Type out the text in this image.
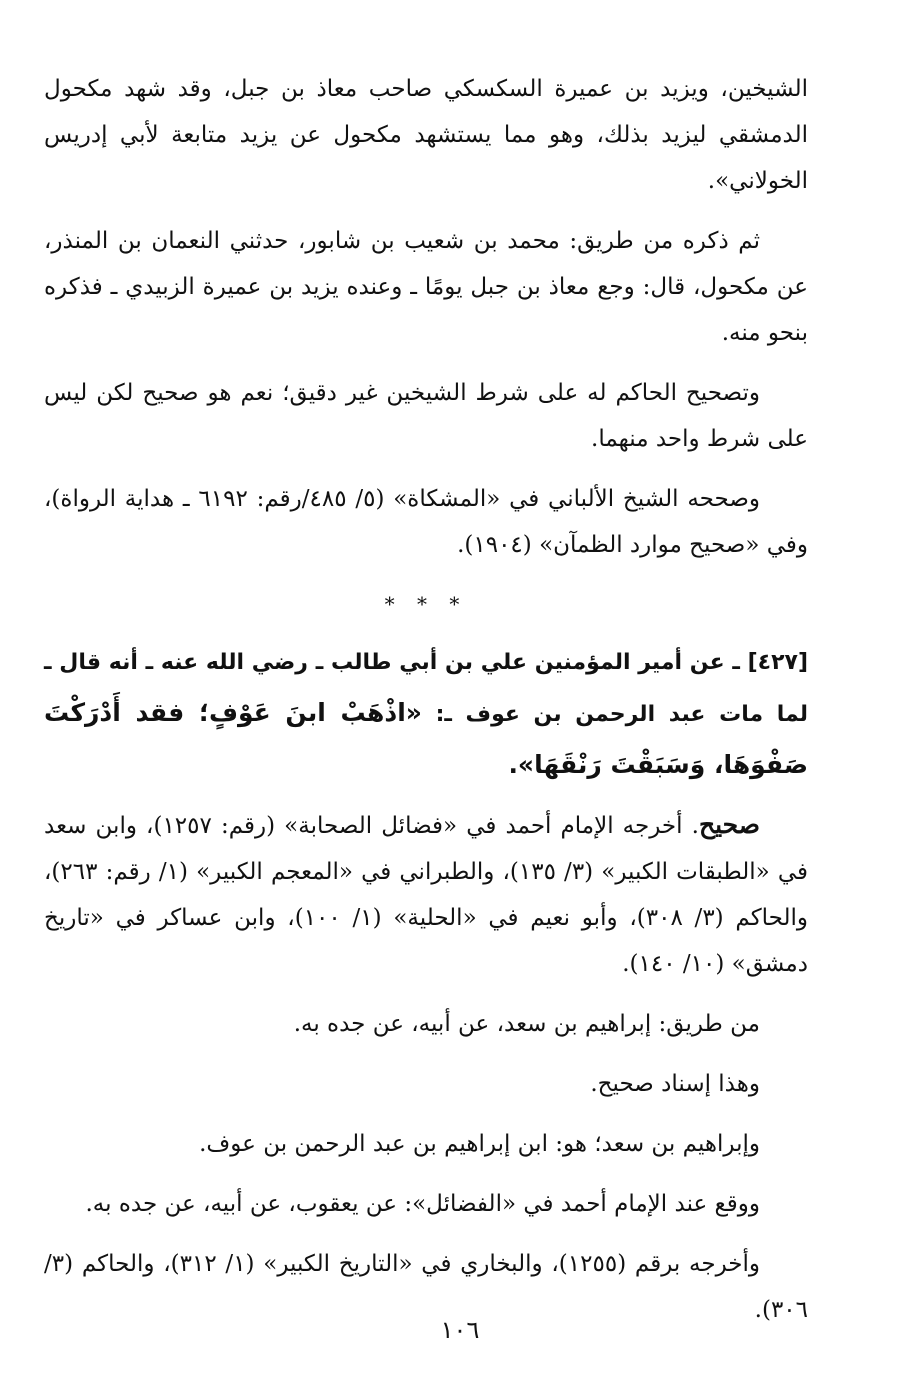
الشيخين، ويزيد بن عميرة السكسكي صاحب معاذ بن جبل، وقد شهد مكحول الدمشقي ليزيد بذلك، وهو مما يستشهد مكحول عن يزيد متابعة لأبي إدريس الخولاني».

ثم ذكره من طريق: محمد بن شعيب بن شابور، حدثني النعمان بن المنذر، عن مكحول، قال: وجع معاذ بن جبل يومًا ـ وعنده يزيد بن عميرة الزبيدي ـ فذكره بنحو منه.

وتصحيح الحاكم له على شرط الشيخين غير دقيق؛ نعم هو صحيح لكن ليس على شرط واحد منهما.

وصححه الشيخ الألباني في «المشكاة» (٥/ ٤٨٥/رقم: ٦١٩٢ ـ هداية الرواة)، وفي «صحيح موارد الظمآن» (١٩٠٤).

* * *

[٤٢٧] ـ عن أمير المؤمنين علي بن أبي طالب ـ رضي الله عنه ـ أنه قال ـ لما مات عبد الرحمن بن عوف ـ: «اذْهَبْ ابنَ عَوْفٍ؛ فقد أَدْرَكْتَ صَفْوَهَا، وَسَبَقْتَ رَنْقَهَا».

صحيح. أخرجه الإمام أحمد في «فضائل الصحابة» (رقم: ١٢٥٧)، وابن سعد في «الطبقات الكبير» (٣/ ١٣٥)، والطبراني في «المعجم الكبير» (١/ رقم: ٢٦٣)، والحاكم (٣/ ٣٠٨)، وأبو نعيم في «الحلية» (١/ ١٠٠)، وابن عساكر في «تاريخ دمشق» (١٠/ ١٤٠).

من طريق: إبراهيم بن سعد، عن أبيه، عن جده به.

وهذا إسناد صحيح.

وإبراهيم بن سعد؛ هو: ابن إبراهيم بن عبد الرحمن بن عوف.

ووقع عند الإمام أحمد في «الفضائل»: عن يعقوب، عن أبيه، عن جده به.

وأخرجه برقم (١٢٥٥)، والبخاري في «التاريخ الكبير» (١/ ٣١٢)، والحاكم (٣/ ٣٠٦).

١٠٦
